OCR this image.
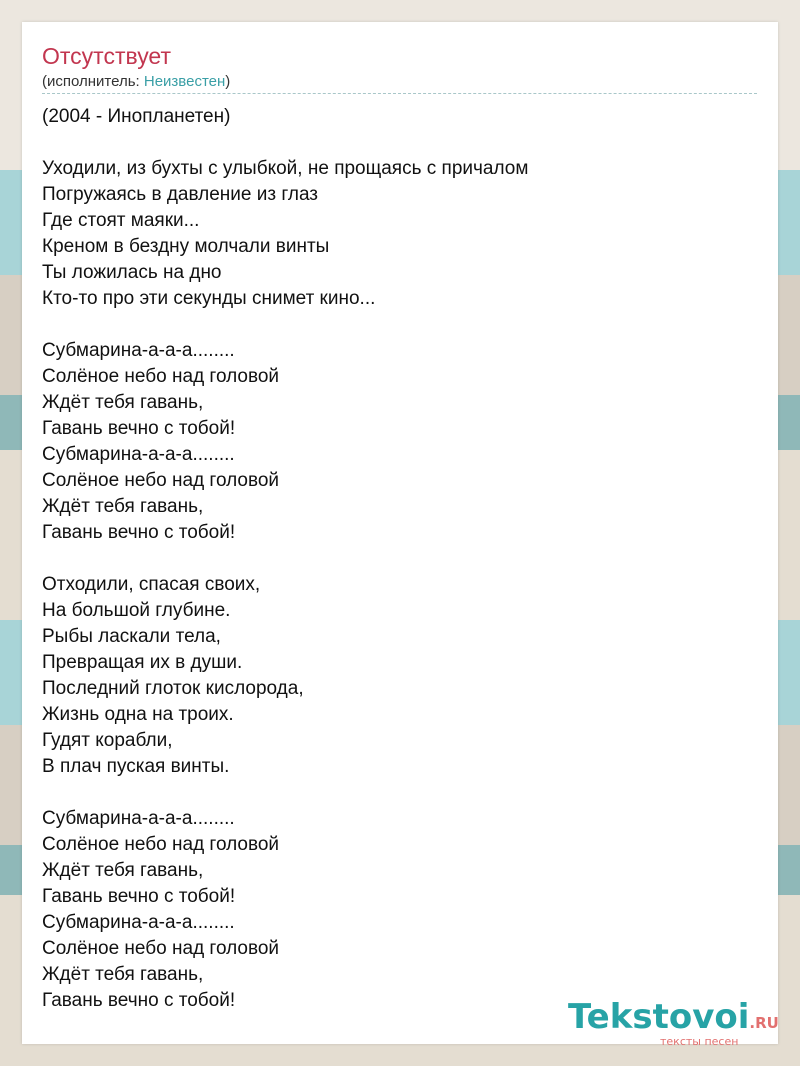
Отсутствует
(исполнитель: Неизвестен)
(2004 - Инопланетен)
Уходили, из бухты с улыбкой, не прощаясь с причалом
Погружаясь в давление из глаз
Где стоят маяки...
Креном в бездну молчали винты
Ты ложилась на дно
Кто-то про эти секунды снимет кино...
Субмарина-а-а-а........
Солёное небо над головой
Ждёт тебя гавань,
Гавань вечно с тобой!
Субмарина-а-а-а........
Солёное небо над головой
Ждёт тебя гавань,
Гавань вечно с тобой!
Отходили, спасая своих,
На большой глубине.
Рыбы ласкали тела,
Превращая их в души.
Последний глоток кислорода,
Жизнь одна на троих.
Гудят корабли,
В плач пуская винты.
Субмарина-а-а-а........
Солёное небо над головой
Ждёт тебя гавань,
Гавань вечно с тобой!
Субмарина-а-а-а........
Солёное небо над головой
Ждёт тебя гавань,
Гавань вечно с тобой!	Tekstovoi.RU
тексты песен
